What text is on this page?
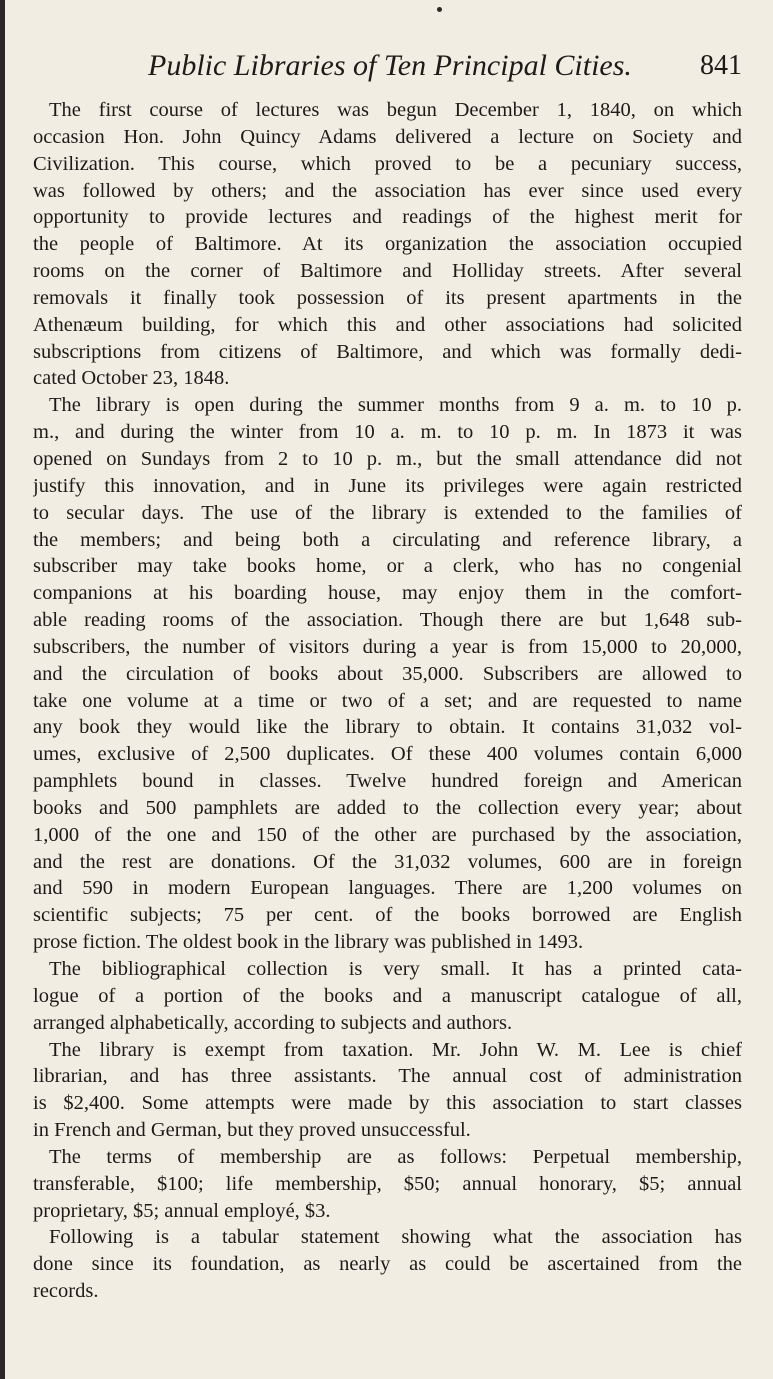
Public Libraries of Ten Principal Cities. 841
The first course of lectures was begun December 1, 1840, on which
occasion Hon. John Quincy Adams delivered a lecture on Society and
Civilization. This course, which proved to be a pecuniary success,
was followed by others; and the association has ever since used every
opportunity to provide lectures and readings of the highest merit for
the people of Baltimore. At its organization the association occupied
rooms on the corner of Baltimore and Holliday streets. After several
removals it finally took possession of its present apartments in the
Athenæum building, for which this and other associations had solicited
subscriptions from citizens of Baltimore, and which was formally dedi-
cated October 23, 1848.
The library is open during the summer months from 9 a. m. to 10 p.
m., and during the winter from 10 a. m. to 10 p. m. In 1873 it was
opened on Sundays from 2 to 10 p. m., but the small attendance did not
justify this innovation, and in June its privileges were again restricted
to secular days. The use of the library is extended to the families of
the members; and being both a circulating and reference library, a
subscriber may take books home, or a clerk, who has no congenial
companions at his boarding house, may enjoy them in the comfort-
able reading rooms of the association. Though there are but 1,648 sub-
subscribers, the number of visitors during a year is from 15,000 to 20,000,
and the circulation of books about 35,000. Subscribers are allowed to
take one volume at a time or two of a set; and are requested to name
any book they would like the library to obtain. It contains 31,032 vol-
umes, exclusive of 2,500 duplicates. Of these 400 volumes contain 6,000
pamphlets bound in classes. Twelve hundred foreign and American
books and 500 pamphlets are added to the collection every year; about
1,000 of the one and 150 of the other are purchased by the association,
and the rest are donations. Of the 31,032 volumes, 600 are in foreign
and 590 in modern European languages. There are 1,200 volumes on
scientific subjects; 75 per cent. of the books borrowed are English
prose fiction. The oldest book in the library was published in 1493.
The bibliographical collection is very small. It has a printed cata-
logue of a portion of the books and a manuscript catalogue of all,
arranged alphabetically, according to subjects and authors.
The library is exempt from taxation. Mr. John W. M. Lee is chief
librarian, and has three assistants. The annual cost of administration
is $2,400. Some attempts were made by this association to start classes
in French and German, but they proved unsuccessful.
The terms of membership are as follows: Perpetual membership,
transferable, $100; life membership, $50; annual honorary, $5; annual
proprietary, $5; annual employé, $3.
Following is a tabular statement showing what the association has
done since its foundation, as nearly as could be ascertained from the
records.
